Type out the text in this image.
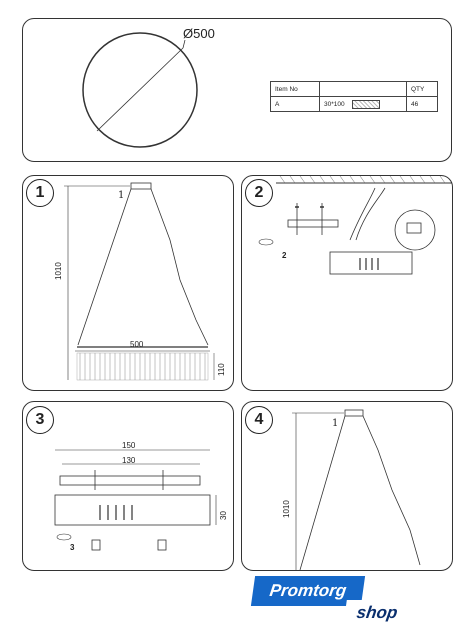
Ø500
Item No		QTY
A	30*100	46
1	1
1010
500
110
2
2
3
150
130
30
3
4	1
1010
Promtorg
shop
